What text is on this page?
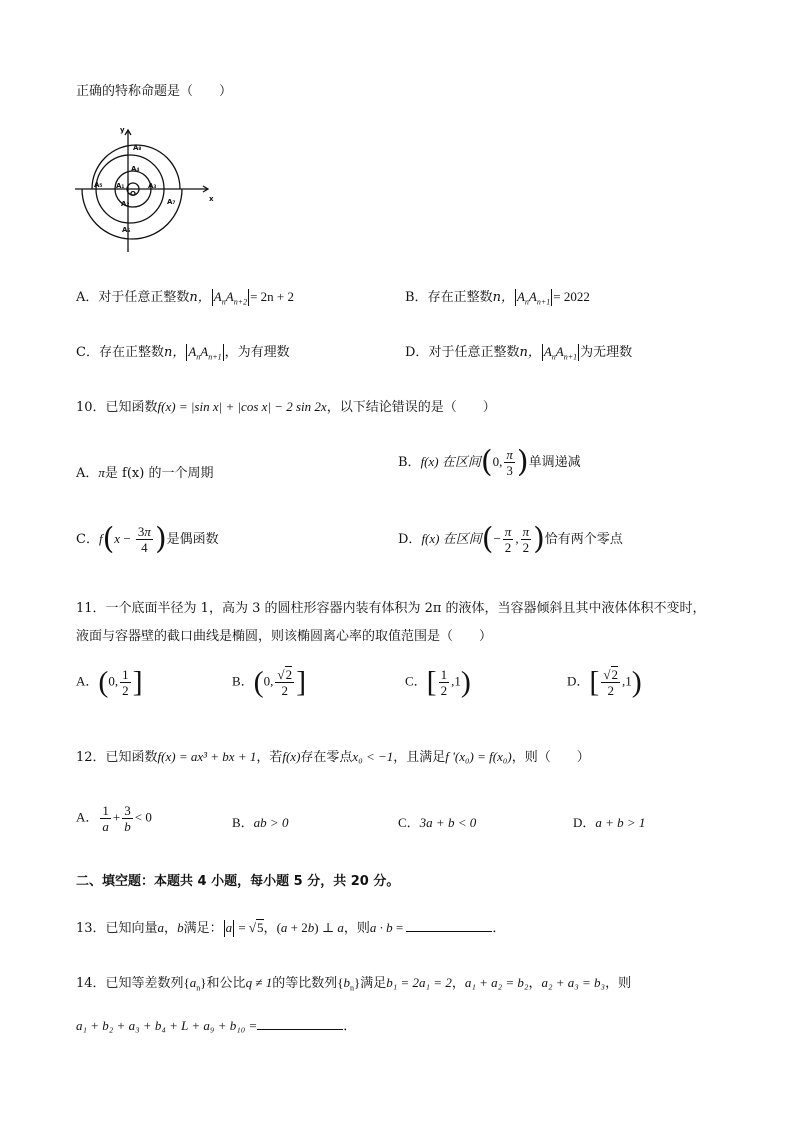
正确的特称命题是（　　）
y
x
O
A₁
A₂
A₃
A₄
A₅
A₆
A₇
A₈
A．对于任意正整数n， $A_nA_{n+2} = 2n + 2$	B．存在正整数n， $A_nA_{n+1} = 2022$
C．存在正整数n， $A_nA_{n+1}$ ，为有理数	D．对于任意正整数n， $A_nA_{n+1}$ 为无理数
10．已知函数f(x) = |sin x| + |cos x| − 2 sin 2x，以下结论错误的是（　　）
A．π是 f(x) 的一个周期
B．f(x) 在区间(0, $\frac{\pi}{3}$ )单调递减
C．$f(x - \frac{3\pi}{4}$ )是偶函数	D．f(x) 在区间(− $\frac{\pi}{2}$ , $\frac{\pi}{2}$ )恰有两个零点
11．一个底面半径为 1，高为 3 的圆柱形容器内装有体积为 2π 的液体，当容器倾斜且其中液体体积不变时，
液面与容器壁的截口曲线是椭圆，则该椭圆离心率的取值范围是（　　）
A．(0, $\frac{1}{2}$ ]	B．(0, $\frac{√2}{2}$ ]	C．[ $\frac{1}{2} ,1$)	D．[ $\frac{√2}{2} ,1$)
12．已知函数f(x) = ax³ + bx + 1，若f(x)存在零点x₀ < −1，且满足f '(x₀) = f(x₀)，则（　　）
A． $\frac{1}{a} + \frac{3}{b} < 0$	B．ab > 0	C．3a + b < 0	D．a + b > 1
二、填空题：本题共 4 小题，每小题 5 分，共 20 分。
13．已知向量a，b满足： a = √5，(a + 2b) ⊥ a，则a · b =	．
14．已知等差数列$\{a_n\}$和公比q ≠ 1的等比数列$\{b_n\}$满足b₁ = 2a₁ = 2，a₁ + a₂ = b₂，a₂ + a₃ = b₃，则
a₁ + b₂ + a₃ + b₄ + L + a₉ + b₁₀ =	．
